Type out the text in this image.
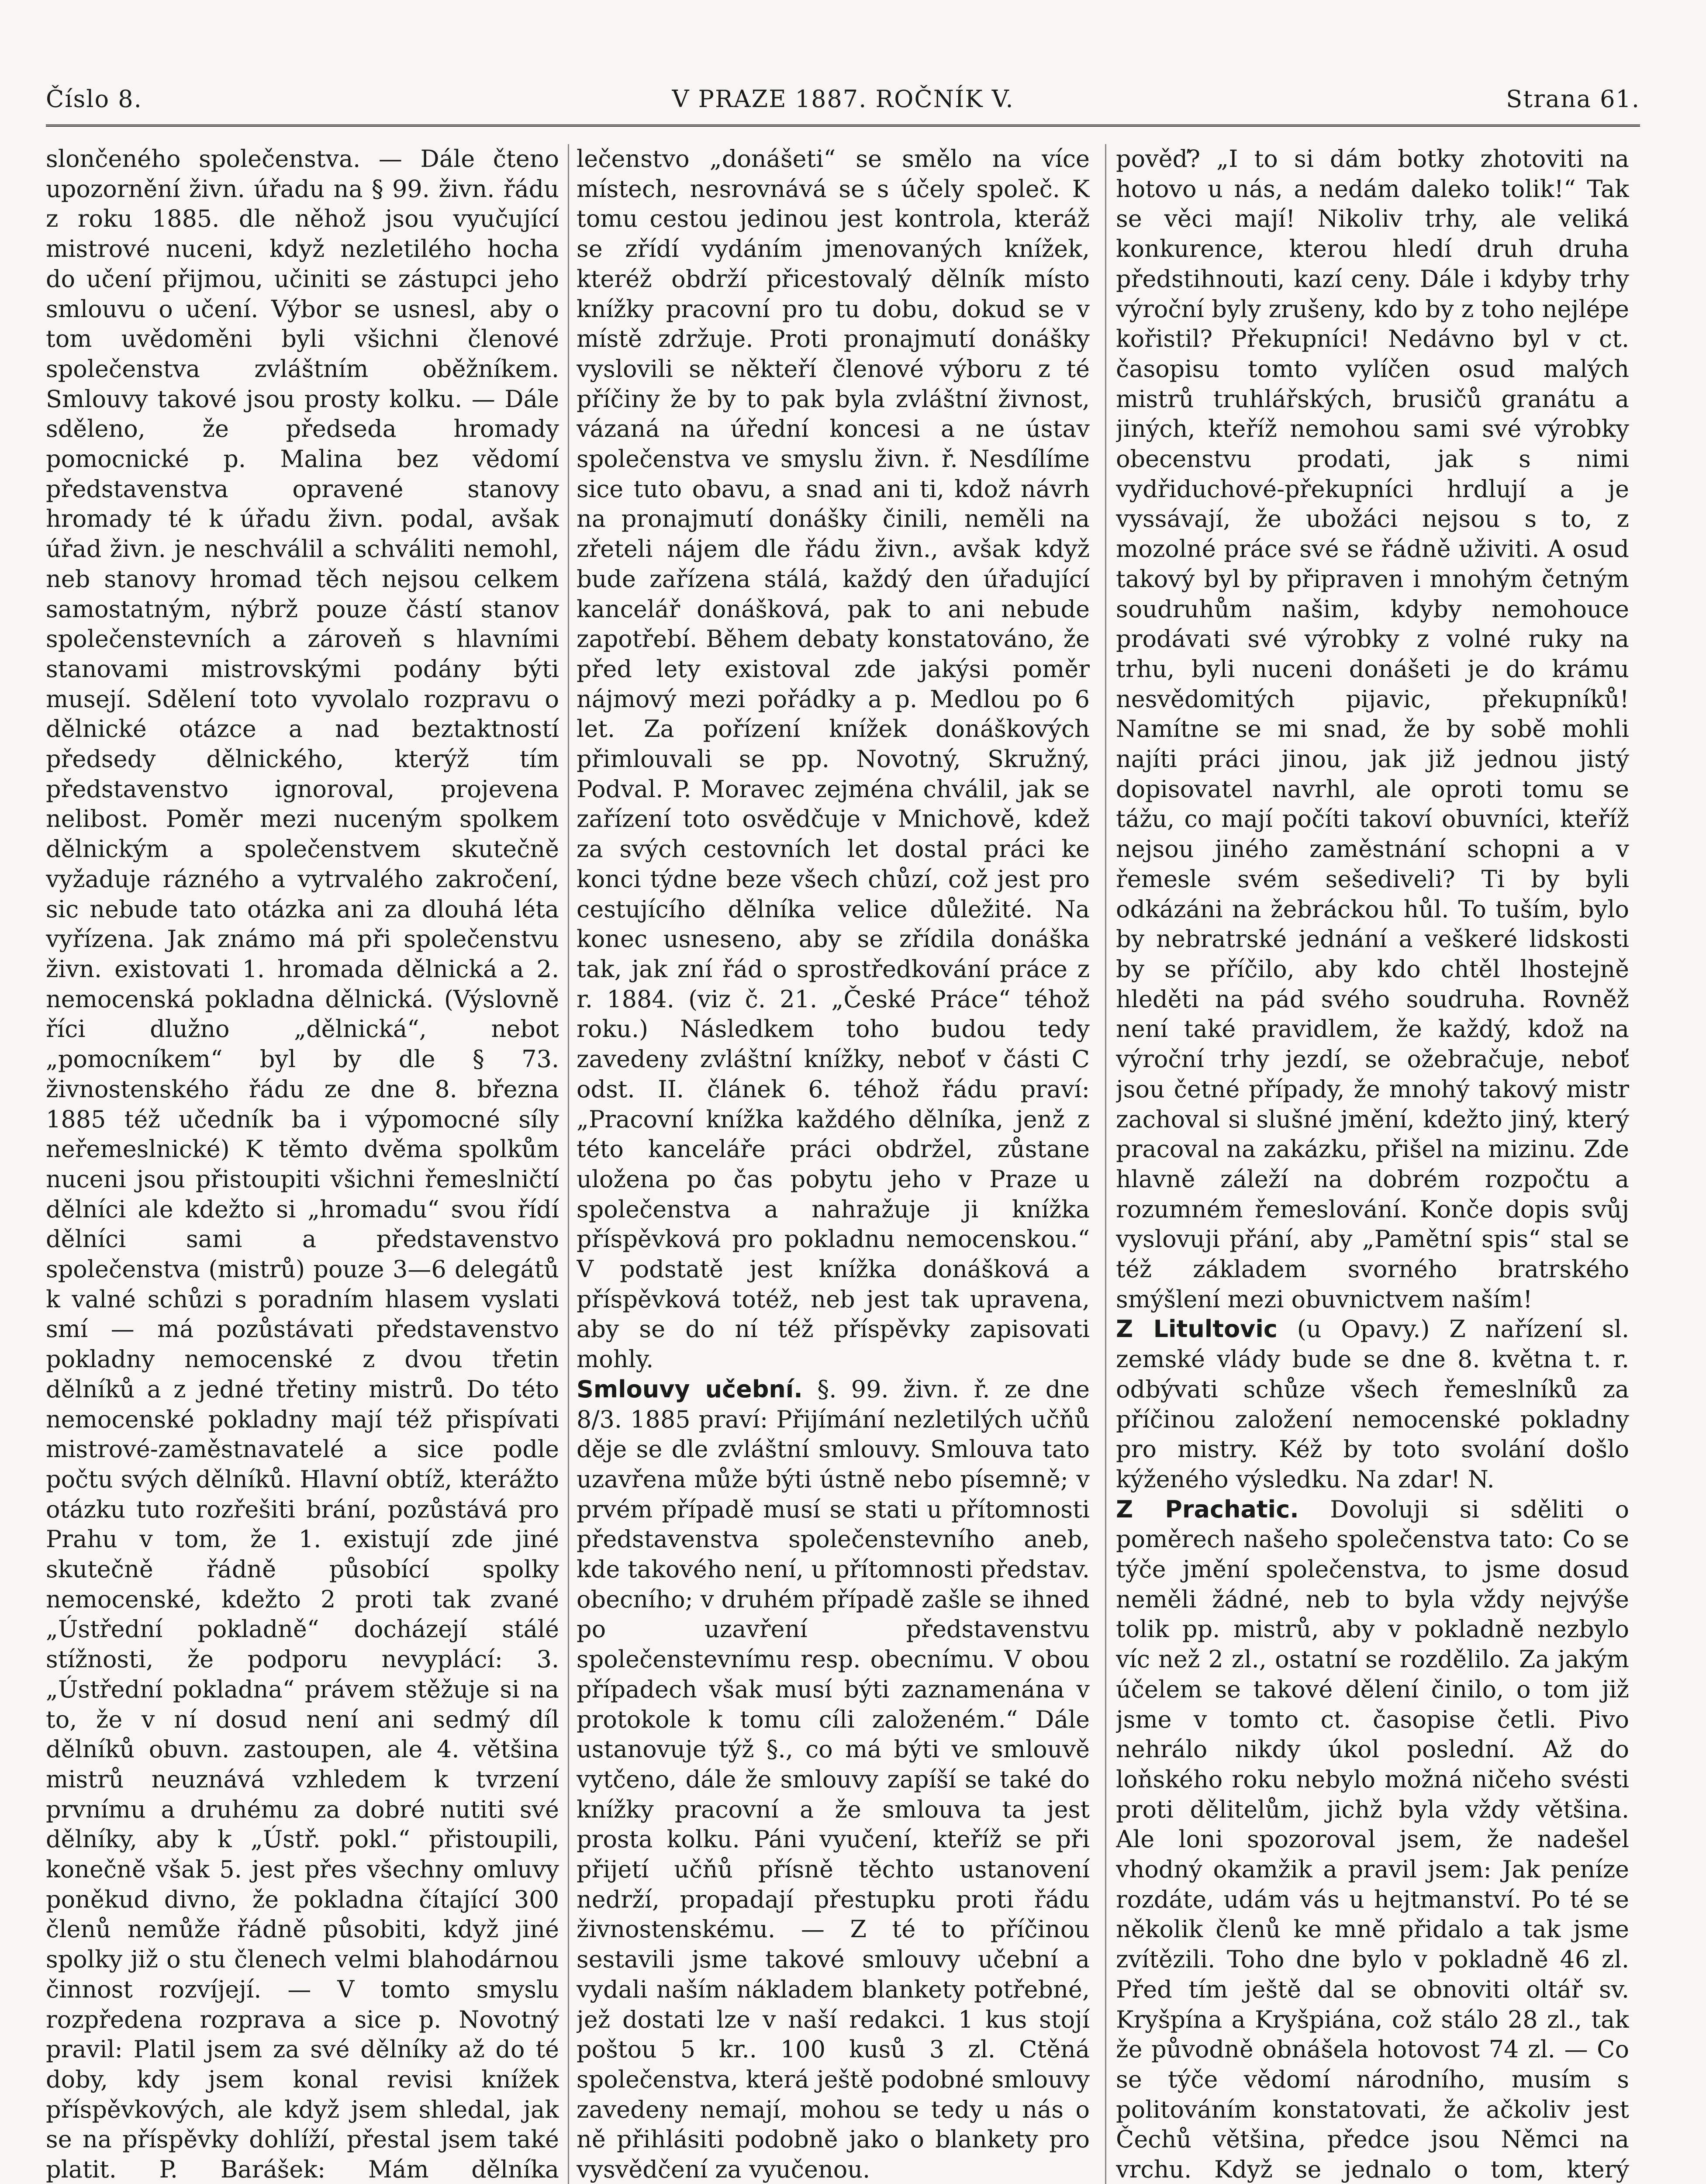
Číslo 8.	V PRAZE 1887. ROČNÍK V.	Strana 61.

slončeného společenstva. — Dále čteno upozornění živn. úřadu na § 99. živn. řádu z roku 1885. dle něhož jsou vyučující mistrové nuceni, když nezletilého hocha do učení přijmou, učiniti se zástupci jeho smlouvu o učení. Výbor se usnesl, aby o tom uvědoměni byli všichni členové společenstva zvláštním oběžníkem. Smlouvy takové jsou prosty kolku. — Dále sděleno, že předseda hromady pomocnické p. Malina bez vědomí představenstva opravené stanovy hromady té k úřadu živn. podal, avšak úřad živn. je neschválil a schváliti nemohl, neb stanovy hromad těch nejsou celkem samostatným, nýbrž pouze částí stanov společenstevních a zároveň s hlavními stanovami mistrovskými podány býti musejí. Sdělení toto vyvolalo rozpravu o dělnické otázce a nad beztaktností předsedy dělnického, kterýž tím představenstvo ignoroval, projevena nelibost. Poměr mezi nuceným spolkem dělnickým a společenstvem skutečně vyžaduje rázného a vytrvalého zakročení, sic nebude tato otázka ani za dlouhá léta vyřízena. Jak známo má při společenstvu živn. existovati 1. hromada dělnická a 2. nemocenská pokladna dělnická. (Výslovně říci dlužno „dělnická“, nebot „pomocníkem“ byl by dle § 73. živnostenského řádu ze dne 8. března 1885 též učedník ba i výpomocné síly neřemeslnické) K těmto dvěma spolkům nuceni jsou přistoupiti všichni řemeslničtí dělníci ale kdežto si „hromadu“ svou řídí dělníci sami a představenstvo společenstva (mistrů) pouze 3—6 delegátů k valné schůzi s poradním hlasem vyslati smí — má pozůstávati představenstvo pokladny nemocenské z dvou třetin dělníků a z jedné třetiny mistrů. Do této nemocenské pokladny mají též přispívati mistrové-zaměstnavatelé a sice podle počtu svých dělníků. Hlavní obtíž, kterážto otázku tuto rozřešiti brání, pozůstává pro Prahu v tom, že 1. existují zde jiné skutečně řádně působící spolky nemocenské, kdežto 2 proti tak zvané „Ústřední pokladně“ docházejí stálé stížnosti, že podporu nevyplácí: 3. „Ústřední pokladna“ právem stěžuje si na to, že v ní dosud není ani sedmý díl dělníků obuvn. zastoupen, ale 4. většina mistrů neuznává vzhledem k tvrzení prvnímu a druhému za dobré nutiti své dělníky, aby k „Ústř. pokl.“ přistoupili, konečně však 5. jest přes všechny omluvy poněkud divno, že pokladna čítající 300 členů nemůže řádně působiti, když jiné spolky již o stu členech velmi blahodárnou činnost rozvíjejí. — V tomto smyslu rozpředena rozprava a sice p. Novotný pravil: Platil jsem za své dělníky až do té doby, kdy jsem konal revisi knížek příspěvkových, ale když jsem shledal, jak se na příspěvky dohlíží, přestal jsem také platit. P. Barášek: Mám dělníka

lečenstvo „donášeti“ se smělo na více místech, nesrovnává se s účely společ. K tomu cestou jedinou jest kontrola, kteráž se zřídí vydáním jmenovaných knížek, kteréž obdrží přicestovalý dělník místo knížky pracovní pro tu dobu, dokud se v místě zdržuje. Proti pronajmutí donášky vyslovili se někteří členové výboru z té příčiny že by to pak byla zvláštní živnost, vázaná na úřední koncesi a ne ústav společenstva ve smyslu živn. ř. Nesdílíme sice tuto obavu, a snad ani ti, kdož návrh na pronajmutí donášky činili, neměli na zřeteli nájem dle řádu živn., avšak když bude zařízena stálá, každý den úřadující kancelář donášková, pak to ani nebude zapotřebí. Během debaty konstatováno, že před lety existoval zde jakýsi poměr nájmový mezi pořádky a p. Medlou po 6 let. Za pořízení knížek donáškových přimlouvali se pp. Novotný, Skružný, Podval. P. Moravec zejména chválil, jak se zařízení toto osvědčuje v Mnichově, kdež za svých cestovních let dostal práci ke konci týdne beze všech chůzí, což jest pro cestujícího dělníka velice důležité. Na konec usneseno, aby se zřídila donáška tak, jak zní řád o sprostředkování práce z r. 1884. (viz č. 21. „České Práce“ téhož roku.) Následkem toho budou tedy zavedeny zvláštní knížky, neboť v části C odst. II. článek 6. téhož řádu praví: „Pracovní knížka každého dělníka, jenž z této kanceláře práci obdržel, zůstane uložena po čas pobytu jeho v Praze u společenstva a nahražuje ji knížka příspěvková pro pokladnu nemocenskou.“ V podstatě jest knížka donášková a příspěvková totéž, neb jest tak upravena, aby se do ní též příspěvky zapisovati mohly.

Smlouvy učební. §. 99. živn. ř. ze dne 8/3. 1885 praví: Přijímání nezletilých učňů děje se dle zvláštní smlouvy. Smlouva tato uzavřena může býti ústně nebo písemně; v prvém případě musí se stati u přítomnosti představenstva společenstevního aneb, kde takového není, u přítomnosti představ. obecního; v druhém případě zašle se ihned po uzavření představenstvu společenstevnímu resp. obecnímu. V obou případech však musí býti zaznamenána v protokole k tomu cíli založeném.“ Dále ustanovuje týž §., co má býti ve smlouvě vytčeno, dále že smlouvy zapíší se také do knížky pracovní a že smlouva ta jest prosta kolku. Páni vyučení, kteříž se při přijetí učňů přísně těchto ustanovení nedrží, propadají přestupku proti řádu živnostenskému. — Z té to příčinou sestavili jsme takové smlouvy učební a vydali naším nákladem blankety potřebné, jež dostati lze v naší redakci. 1 kus stojí poštou 5 kr.. 100 kusů 3 zl. Ctěná společenstva, která ještě podobné smlouvy zavedeny nemají, mohou se tedy u nás o ně přihlásiti podobně jako o blankety pro vysvědčení za vyučenou.

pověď? „I to si dám botky zhotoviti na hotovo u nás, a nedám daleko tolik!“ Tak se věci mají! Nikoliv trhy, ale veliká konkurence, kterou hledí druh druha předstihnouti, kazí ceny. Dále i kdyby trhy výroční byly zrušeny, kdo by z toho nejlépe kořistil? Překupníci! Nedávno byl v ct. časopisu tomto vylíčen osud malých mistrů truhlářských, brusičů granátu a jiných, kteříž nemohou sami své výrobky obecenstvu prodati, jak s nimi vydřiduchové-překupníci hrdlují a je vyssávají, že ubožáci nejsou s to, z mozolné práce své se řádně uživiti. A osud takový byl by připraven i mnohým četným soudruhům našim, kdyby nemohouce prodávati své výrobky z volné ruky na trhu, byli nuceni donášeti je do krámu nesvědomitých pijavic, překupníků! Namítne se mi snad, že by sobě mohli najíti práci jinou, jak již jednou jistý dopisovatel navrhl, ale oproti tomu se tážu, co mají počíti takoví obuvníci, kteříž nejsou jiného zaměstnání schopni a v řemesle svém sešediveli? Ti by byli odkázáni na žebráckou hůl. To tuším, bylo by nebratrské jednání a veškeré lidskosti by se příčilo, aby kdo chtěl lhostejně hleděti na pád svého soudruha. Rovněž není také pravidlem, že každý, kdož na výroční trhy jezdí, se ožebračuje, neboť jsou četné případy, že mnohý takový mistr zachoval si slušné jmění, kdežto jiný, který pracoval na zakázku, přišel na mizinu. Zde hlavně záleží na dobrém rozpočtu a rozumném řemeslování. Konče dopis svůj vyslovuji přání, aby „Pamětní spis“ stal se též základem svorného bratrského smýšlení mezi obuvnictvem naším!

Z Litultovic (u Opavy.) Z nařízení sl. zemské vlády bude se dne 8. května t. r. odbývati schůze všech řemeslníků za příčinou založení nemocenské pokladny pro mistry. Kéž by toto svolání došlo kýženého výsledku. Na zdar! N.

Z Prachatic. Dovoluji si sděliti o poměrech našeho společenstva tato: Co se týče jmění společenstva, to jsme dosud neměli žádné, neb to byla vždy nejvýše tolik pp. mistrů, aby v pokladně nezbylo víc než 2 zl., ostatní se rozdělilo. Za jakým účelem se takové dělení činilo, o tom již jsme v tomto ct. časopise četli. Pivo nehrálo nikdy úkol poslední. Až do loňského roku nebylo možná ničeho svésti proti dělitelům, jichž byla vždy většina. Ale loni spozoroval jsem, že nadešel vhodný okamžik a pravil jsem: Jak peníze rozdáte, udám vás u hejtmanství. Po té se několik členů ke mně přidalo a tak jsme zvítězili. Toho dne bylo v pokladně 46 zl. Před tím ještě dal se obnoviti oltář sv. Kryšpína a Kryšpiána, což stálo 28 zl., tak že původně obnášela hotovost 74 zl. — Co se týče vědomí národního, musím s politováním konstatovati, že ačkoliv jest Čechů většina, předce jsou Němci na vrchu. Když se jednalo o tom, který
